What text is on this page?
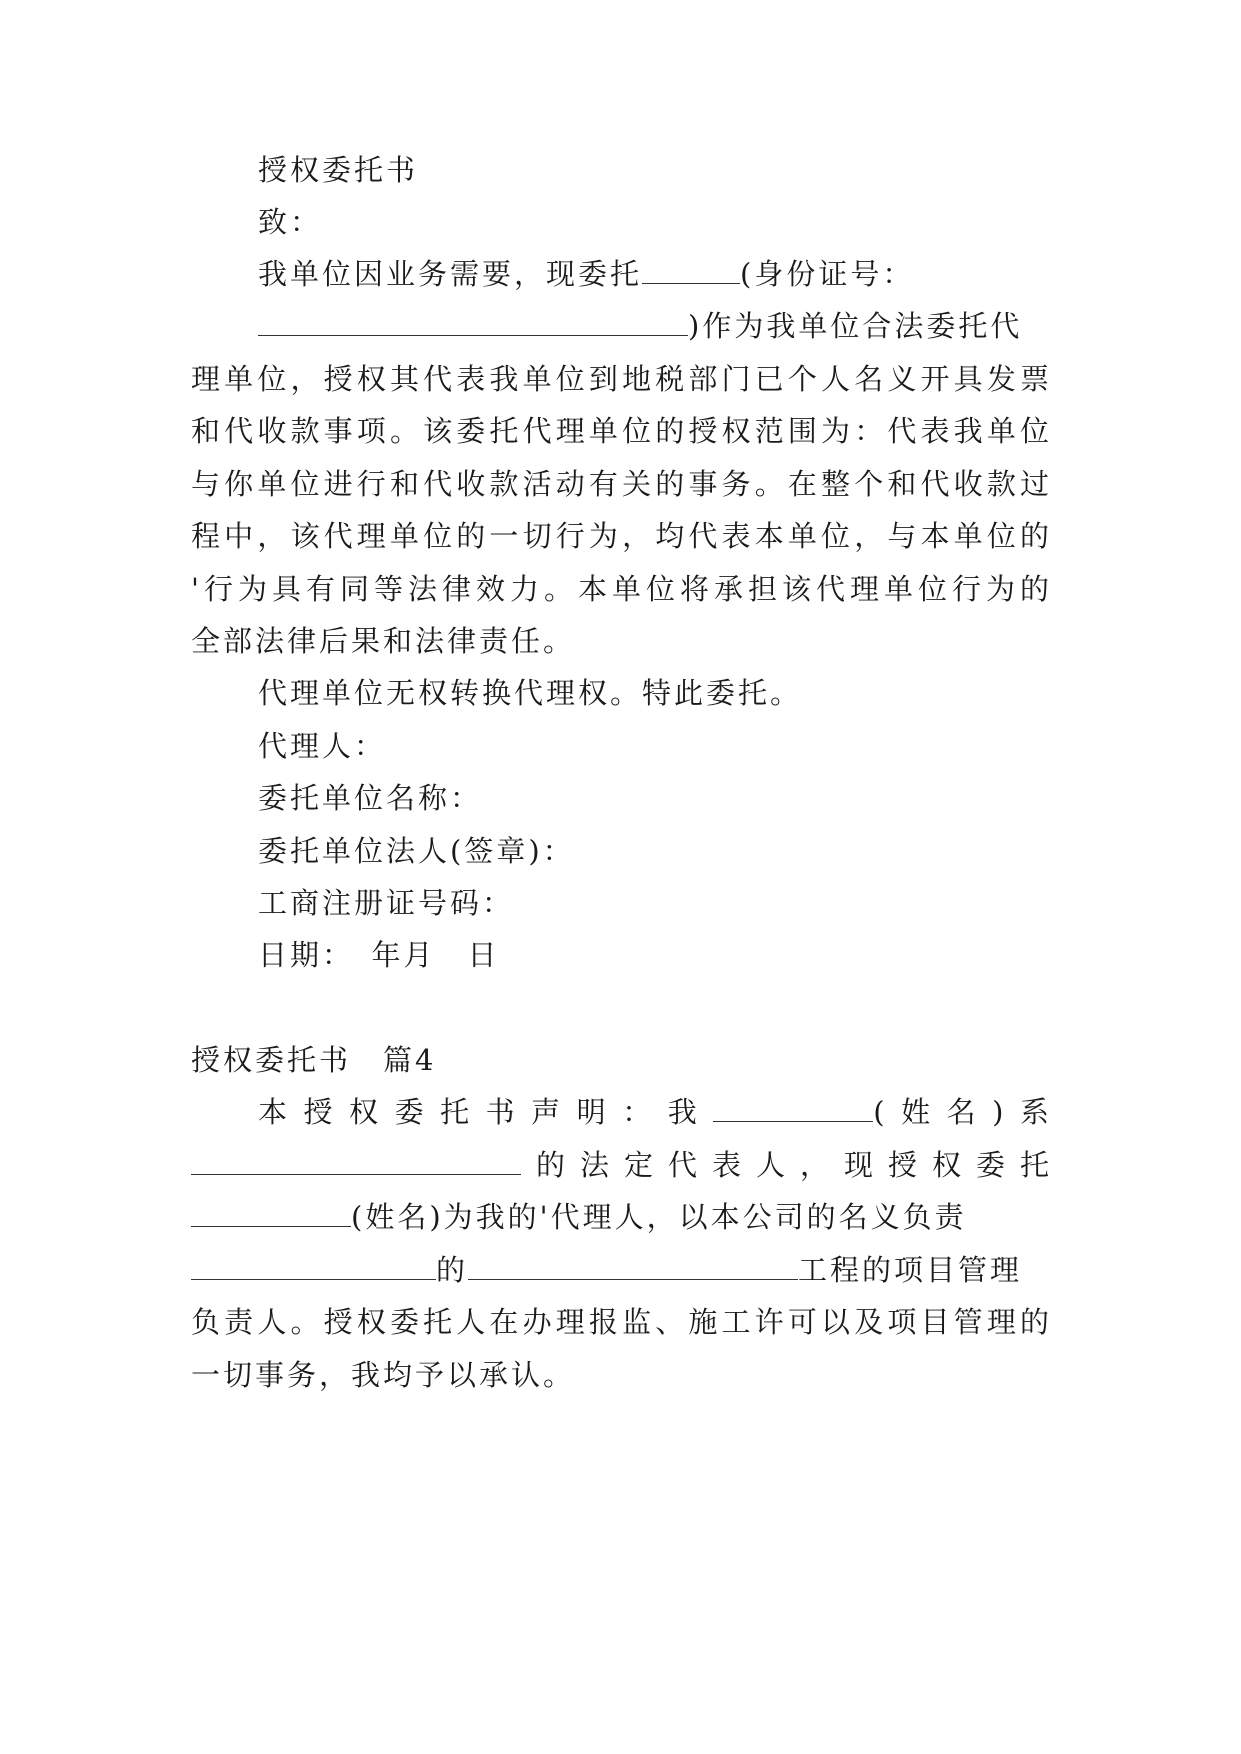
授权委托书
致：
我单位因业务需要，现委托	(身份证号：
)作为我单位合法委托代
理单位，授权其代表我单位到地税部门已个人名义开具发票
和代收款事项。该委托代理单位的授权范围为：代表我单位
与你单位进行和代收款活动有关的事务。在整个和代收款过
程中，该代理单位的一切行为，均代表本单位，与本单位的
'行为具有同等法律效力。本单位将承担该代理单位行为的
全部法律后果和法律责任。
代理单位无权转换代理权。特此委托。
代理人：
委托单位名称：
委托单位法人(签章)：
工商注册证号码：
日期：　年月　日
授权委托书　篇4
本授权委托书声明：我	(姓名)系
的法定代表人，现授权委托
(姓名)为我的'代理人，以本公司的名义负责
的	工程的项目管理
负责人。授权委托人在办理报监、施工许可以及项目管理的
一切事务，我均予以承认。
